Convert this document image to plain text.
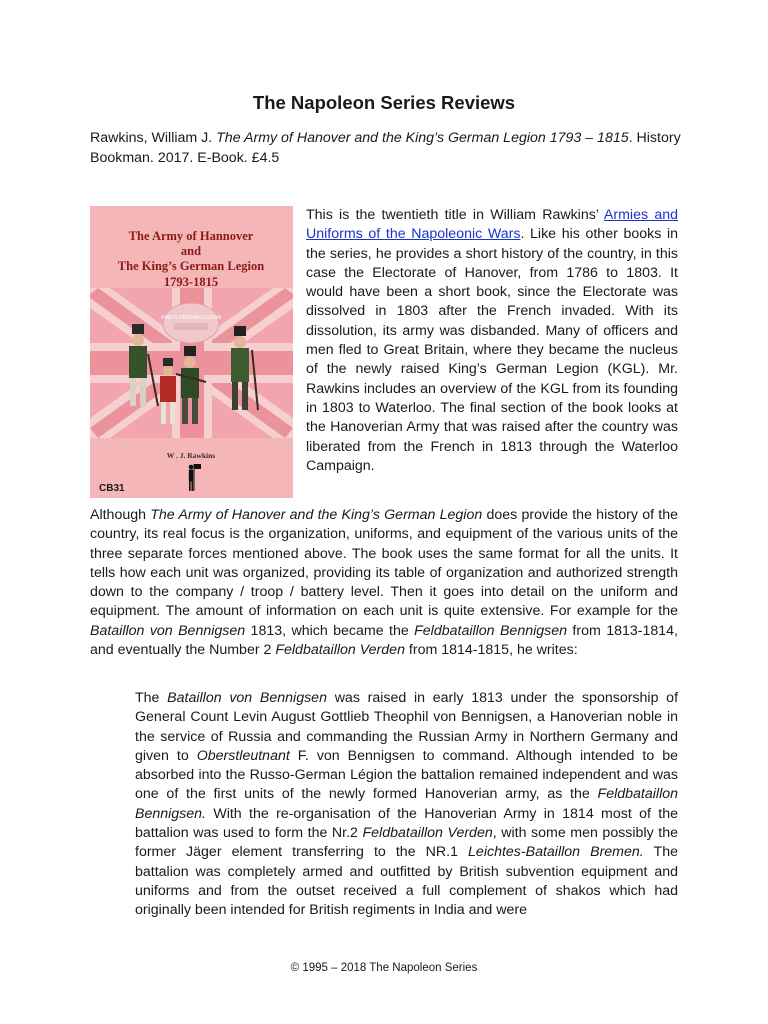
The Napoleon Series Reviews

Rawkins, William J. The Army of Hanover and the King’s German Legion 1793 – 1815. History Bookman. 2017. E-Book. £4.5

KING’S GERMAN LEGION
The Army of Hannover
and
The King’s German Legion
1793-1815
W . J. Rawkins
CB31

This is the twentieth title in William Rawkins’ Armies and Uniforms of the Napoleonic Wars. Like his other books in the series, he provides a short history of the country, in this case the Electorate of Hanover, from 1786 to 1803. It would have been a short book, since the Electorate was dissolved in 1803 after the French invaded. With its dissolution, its army was disbanded. Many of officers and men fled to Great Britain, where they became the nucleus of the newly raised King’s German Legion (KGL). Mr. Rawkins includes an overview of the KGL from its founding in 1803 to Waterloo. The final section of the book looks at the Hanoverian Army that was raised after the country was liberated from the French in 1813 through the Waterloo Campaign.

Although The Army of Hanover and the King’s German Legion does provide the history of the country, its real focus is the organization, uniforms, and equipment of the various units of the three separate forces mentioned above. The book uses the same format for all the units. It tells how each unit was organized, providing its table of organization and authorized strength down to the company / troop / battery level. Then it goes into detail on the uniform and equipment. The amount of information on each unit is quite extensive. For example for the Bataillon von Bennigsen 1813, which became the Feldbataillon Bennigsen from 1813-1814, and eventually the Number 2 Feldbataillon Verden from 1814-1815, he writes:

The Bataillon von Bennigsen was raised in early 1813 under the sponsorship of General Count Levin August Gottlieb Theophil von Bennigsen, a Hanoverian noble in the service of Russia and commanding the Russian Army in Northern Germany and given to Oberstleutnant F. von Bennigsen to command. Although intended to be absorbed into the Russo-German Légion the battalion remained independent and was one of the first units of the newly formed Hanoverian army, as the Feldbataillon Bennigsen. With the re-organisation of the Hanoverian Army in 1814 most of the battalion was used to form the Nr.2 Feldbataillon Verden, with some men possibly the former Jäger element transferring to the NR.1 Leichtes-Bataillon Bremen. The battalion was completely armed and outfitted by British subvention equipment and uniforms and from the outset received a full complement of shakos which had originally been intended for British regiments in India and were

© 1995 – 2018 The Napoleon Series
